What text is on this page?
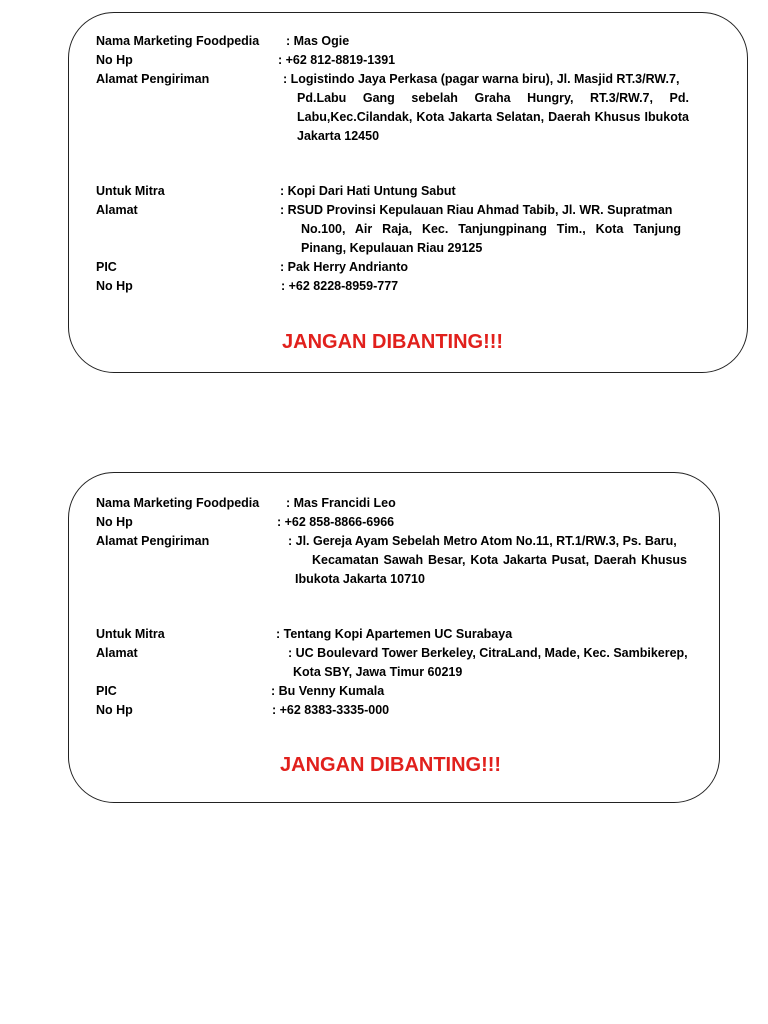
Nama Marketing Foodpedia : Mas Ogie
No Hp	: +62 812-8819-1391
Alamat Pengiriman	: Logistindo Jaya Perkasa (pagar warna biru), Jl. Masjid RT.3/RW.7,
Pd.Labu Gang sebelah Graha Hungry, RT.3/RW.7, Pd. Labu,Kec.Cilandak, Kota Jakarta Selatan, Daerah Khusus Ibukota Jakarta 12450
Untuk Mitra	: Kopi Dari Hati Untung Sabut
Alamat	: RSUD Provinsi Kepulauan Riau Ahmad Tabib, Jl. WR. Supratman
No.100, Air Raja, Kec. Tanjungpinang Tim., Kota Tanjung Pinang, Kepulauan Riau 29125
PIC	: Pak Herry Andrianto
No Hp	: +62 8228-8959-777
JANGAN DIBANTING!!!
Nama Marketing Foodpedia : Mas Francidi Leo
No Hp	: +62 858-8866-6966
Alamat Pengiriman	: Jl. Gereja Ayam Sebelah Metro Atom No.11, RT.1/RW.3, Ps. Baru,
Kecamatan Sawah Besar, Kota Jakarta Pusat, Daerah Khusus Ibukota Jakarta 10710
Untuk Mitra	: Tentang Kopi Apartemen UC Surabaya
Alamat	: UC Boulevard Tower Berkeley, CitraLand, Made, Kec. Sambikerep,
Kota SBY, Jawa Timur 60219
PIC	: Bu Venny Kumala
No Hp	: +62 8383-3335-000
JANGAN DIBANTING!!!
